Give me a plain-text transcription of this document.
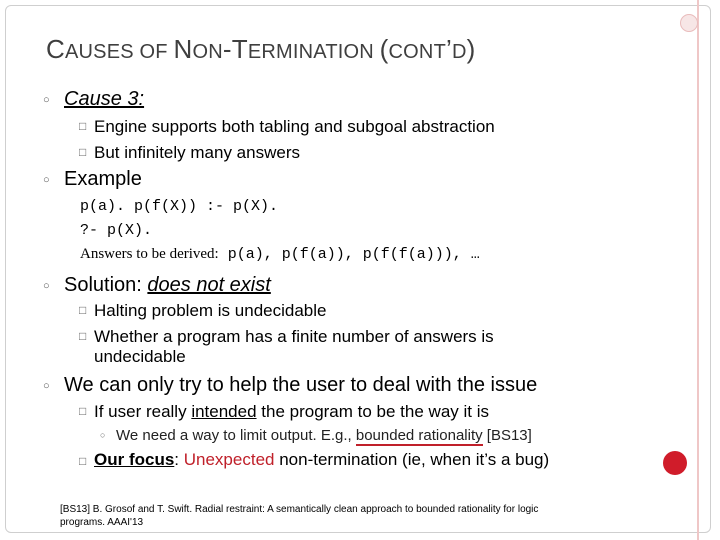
CAUSES OF NON-TERMINATION (CONT’D)
○ Cause 3:
□ Engine supports both tabling and subgoal abstraction
□ But infinitely many answers
○ Example
p(a). p(f(X)) :- p(X).
?- p(X).
Answers to be derived: p(a), p(f(a)), p(f(f(a))), …
○ Solution: does not exist
□ Halting problem is undecidable
□ Whether a program has a finite number of answers is
undecidable
○ We can only try to help the user to deal with the issue
□ If user really intended the program to be the way it is
○ We need a way to limit output. E.g., bounded rationality [BS13]
□ Our focus: Unexpected non-termination (ie, when it’s a bug)
[BS13] B. Grosof and T. Swift. Radial restraint: A semantically clean approach to bounded rationality for logic
programs. AAAI'13
